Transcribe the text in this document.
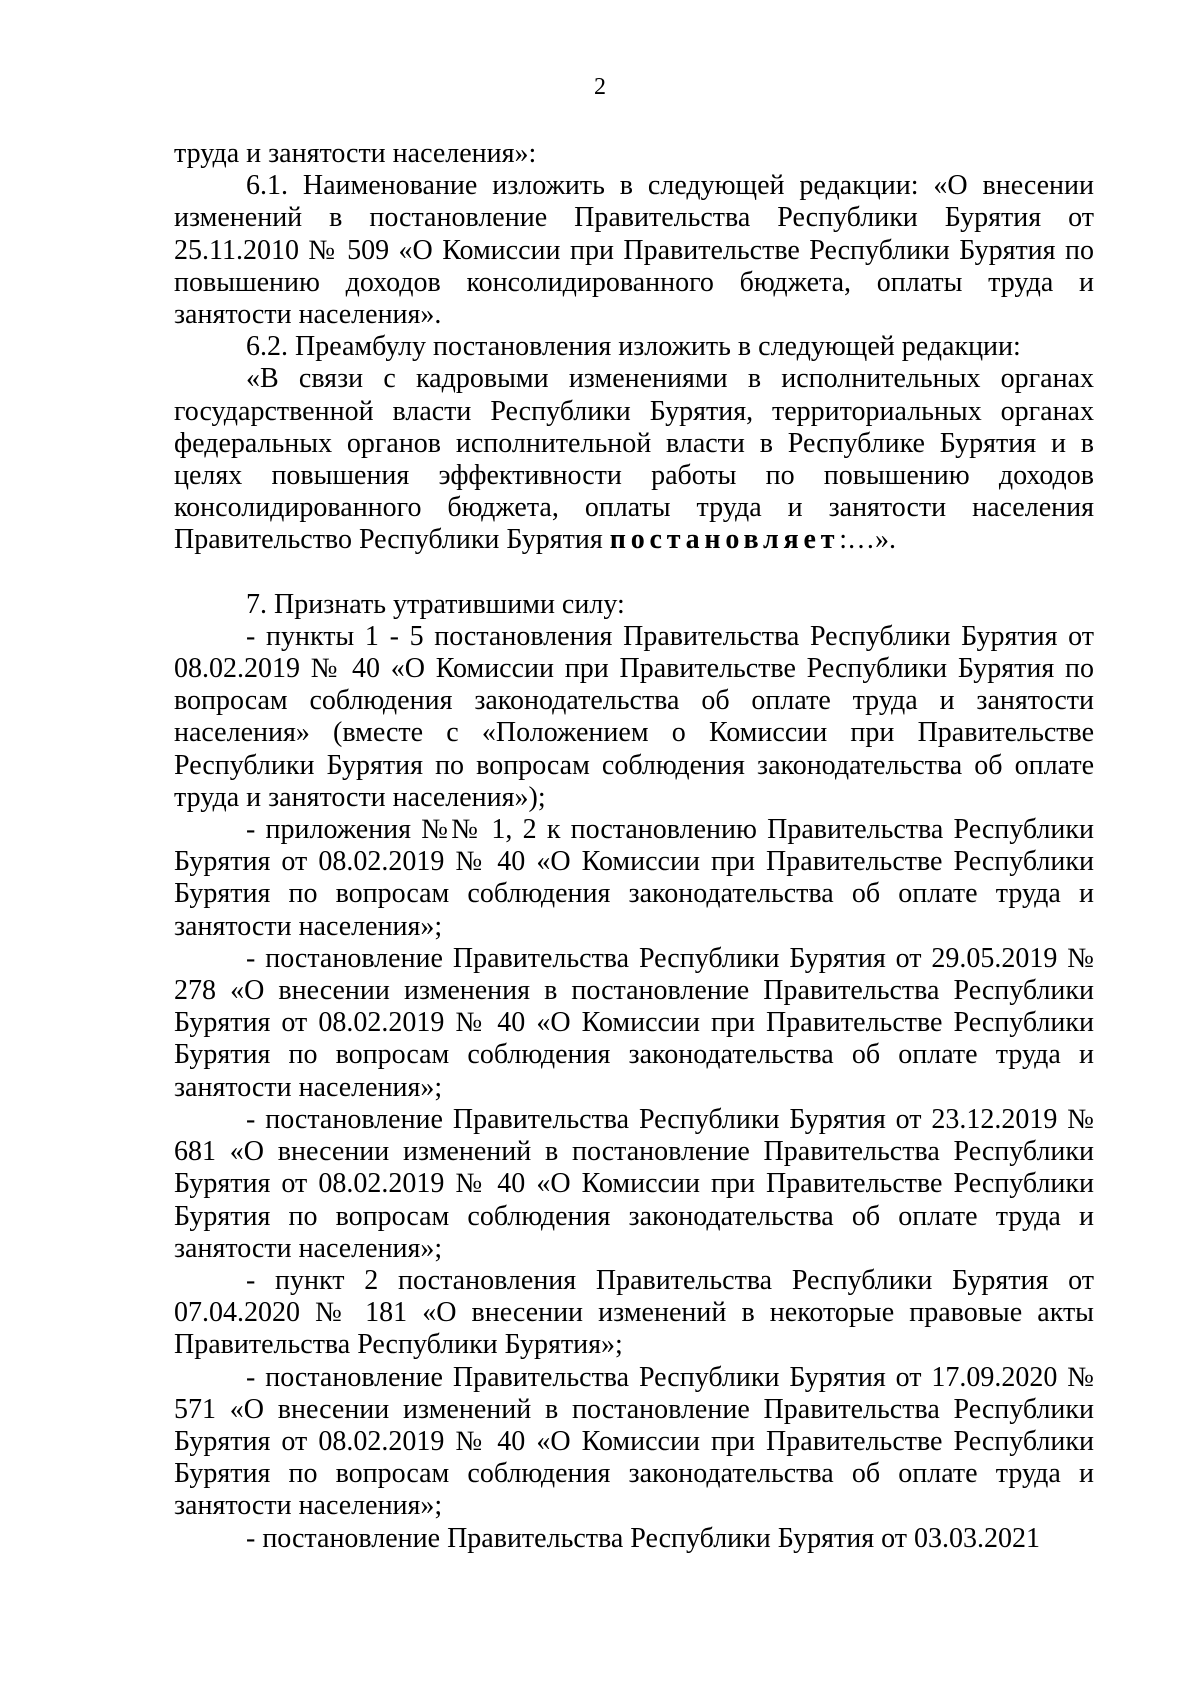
2

труда и занятости населения»:

6.1. Наименование изложить в следующей редакции: «О внесении изменений в постановление Правительства Республики Бурятия от 25.11.2010 № 509 «О Комиссии при Правительстве Республики Бурятия по повышению доходов консолидированного бюджета, оплаты труда и занятости населения».

6.2. Преамбулу постановления изложить в следующей редакции:

«В связи с кадровыми изменениями в исполнительных органах государственной власти Республики Бурятия, территориальных органах федеральных органов исполнительной власти в Республике Бурятия и в целях повышения эффективности работы по повышению доходов консолидированного бюджета, оплаты труда и занятости населения Правительство Республики Бурятия постановляет:…».

7. Признать утратившими силу:

- пункты 1 - 5 постановления Правительства Республики Бурятия от 08.02.2019 № 40 «О Комиссии при Правительстве Республики Бурятия по вопросам соблюдения законодательства об оплате труда и занятости населения» (вместе с «Положением о Комиссии при Правительстве Республики Бурятия по вопросам соблюдения законодательства об оплате труда и занятости населения»);

- приложения №№ 1, 2 к постановлению Правительства Республики Бурятия от 08.02.2019 № 40 «О Комиссии при Правительстве Республики Бурятия по вопросам соблюдения законодательства об оплате труда и занятости населения»;

- постановление Правительства Республики Бурятия от 29.05.2019 № 278 «О внесении изменения в постановление Правительства Республики Бурятия от 08.02.2019 № 40 «О Комиссии при Правительстве Республики Бурятия по вопросам соблюдения законодательства об оплате труда и занятости населения»;

- постановление Правительства Республики Бурятия от 23.12.2019 № 681 «О внесении изменений в постановление Правительства Республики Бурятия от 08.02.2019 № 40 «О Комиссии при Правительстве Республики Бурятия по вопросам соблюдения законодательства об оплате труда и занятости населения»;

- пункт 2 постановления Правительства Республики Бурятия от 07.04.2020 № 181 «О внесении изменений в некоторые правовые акты Правительства Республики Бурятия»;

- постановление Правительства Республики Бурятия от 17.09.2020 № 571 «О внесении изменений в постановление Правительства Республики Бурятия от 08.02.2019 № 40 «О Комиссии при Правительстве Республики Бурятия по вопросам соблюдения законодательства об оплате труда и занятости населения»;

- постановление Правительства Республики Бурятия от 03.03.2021
